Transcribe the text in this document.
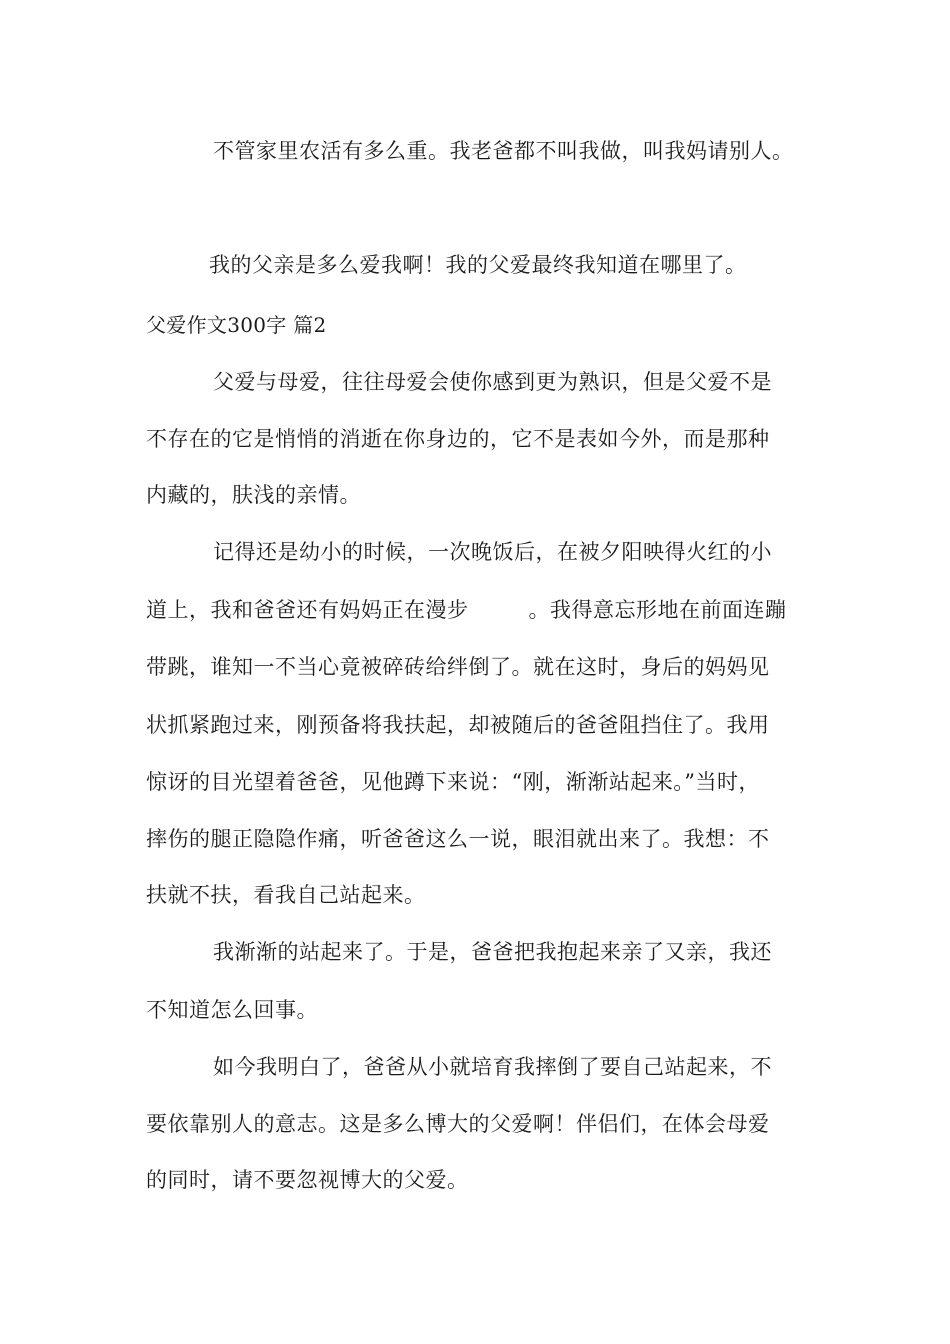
不管家里农活有多么重。我老爸都不叫我做，叫我妈请别人。
我的父亲是多么爱我啊！我的父爱最终我知道在哪里了。
父爱作文300字 篇2
父爱与母爱，往往母爱会使你感到更为熟识，但是父爱不是
不存在的它是悄悄的消逝在你身边的，它不是表如今外，而是那种
内藏的，肤浅的亲情。
记得还是幼小的时候，一次晚饭后，在被夕阳映得火红的小
道上，我和爸爸还有妈妈正在漫步	。我得意忘形地在前面连蹦
带跳，谁知一不当心竟被碎砖给绊倒了。就在这时，身后的妈妈见
状抓紧跑过来，刚预备将我扶起，却被随后的爸爸阻挡住了。我用
惊讶的目光望着爸爸，见他蹲下来说：“刚，渐渐站起来。”当时，
摔伤的腿正隐隐作痛，听爸爸这么一说，眼泪就出来了。我想：不
扶就不扶，看我自己站起来。
我渐渐的站起来了。于是，爸爸把我抱起来亲了又亲，我还
不知道怎么回事。
如今我明白了，爸爸从小就培育我摔倒了要自己站起来，不
要依靠别人的意志。这是多么博大的父爱啊！伴侣们，在体会母爱
的同时，请不要忽视博大的父爱。
